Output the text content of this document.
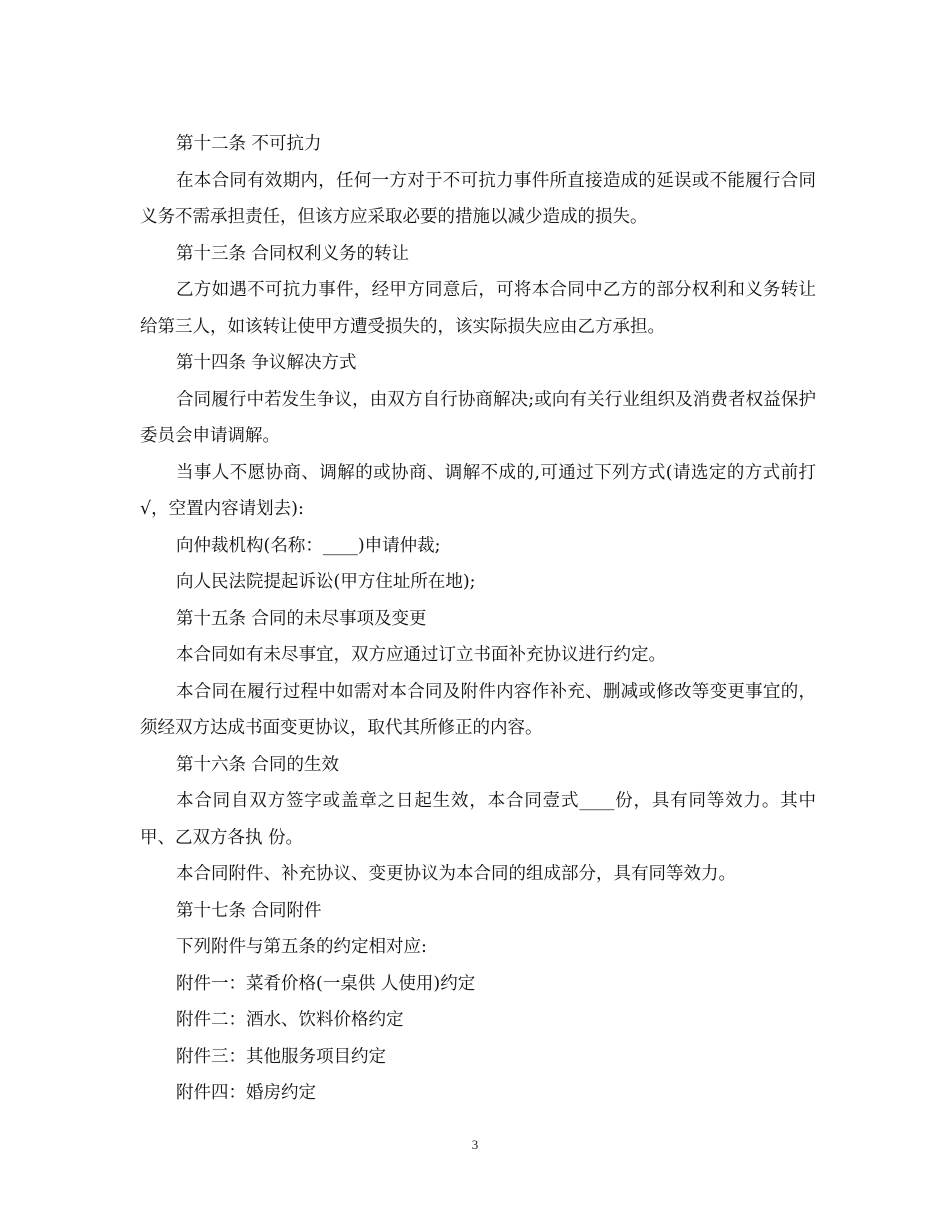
第十二条 不可抗力

在本合同有效期内，任何一方对于不可抗力事件所直接造成的延误或不能履行合同义务不需承担责任，但该方应采取必要的措施以减少造成的损失。

第十三条 合同权利义务的转让

乙方如遇不可抗力事件，经甲方同意后，可将本合同中乙方的部分权利和义务转让给第三人，如该转让使甲方遭受损失的，该实际损失应由乙方承担。

第十四条 争议解决方式

合同履行中若发生争议，由双方自行协商解决;或向有关行业组织及消费者权益保护委员会申请调解。

当事人不愿协商、调解的或协商、调解不成的,可通过下列方式(请选定的方式前打√，空置内容请划去):

向仲裁机构(名称：____)申请仲裁;

向人民法院提起诉讼(甲方住址所在地);

第十五条 合同的未尽事项及变更

本合同如有未尽事宜，双方应通过订立书面补充协议进行约定。

本合同在履行过程中如需对本合同及附件内容作补充、删减或修改等变更事宜的，须经双方达成书面变更协议，取代其所修正的内容。

第十六条 合同的生效

本合同自双方签字或盖章之日起生效，本合同壹式____份，具有同等效力。其中甲、乙双方各执 份。

本合同附件、补充协议、变更协议为本合同的组成部分，具有同等效力。

第十七条 合同附件

下列附件与第五条的约定相对应:

附件一：菜肴价格(一桌供 人使用)约定

附件二：酒水、饮料价格约定

附件三：其他服务项目约定

附件四：婚房约定

3
